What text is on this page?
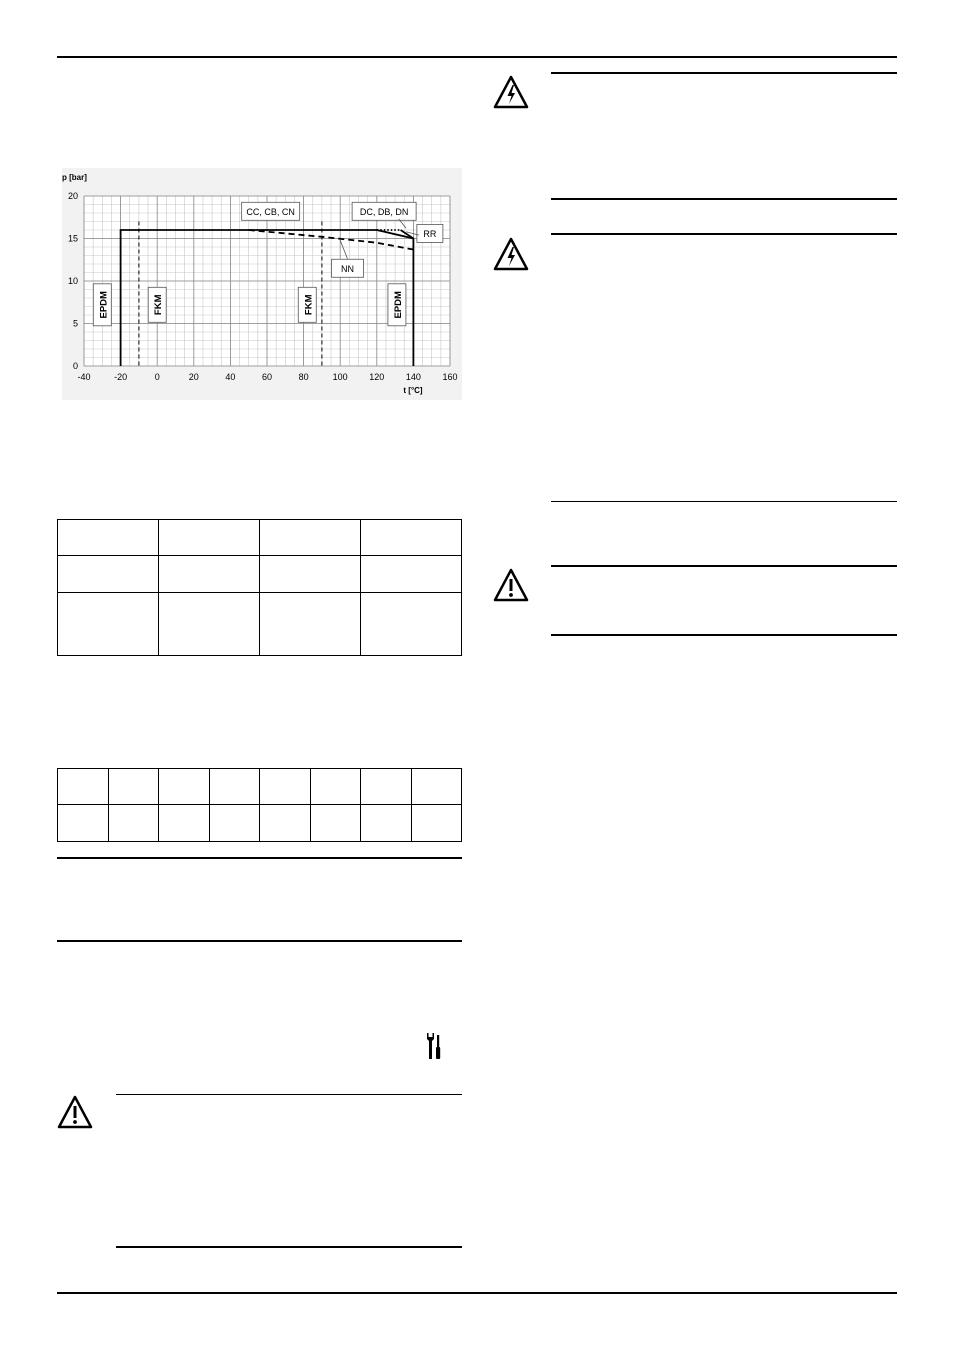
-40	-20	0	20	40	60	80	100 120 140 160
0
5
10
15
20
p [bar]
t [°C]
CC, CB, CN	DC, DB, DN
RR
NN
EPDM	FKM	FKM	EPDM
